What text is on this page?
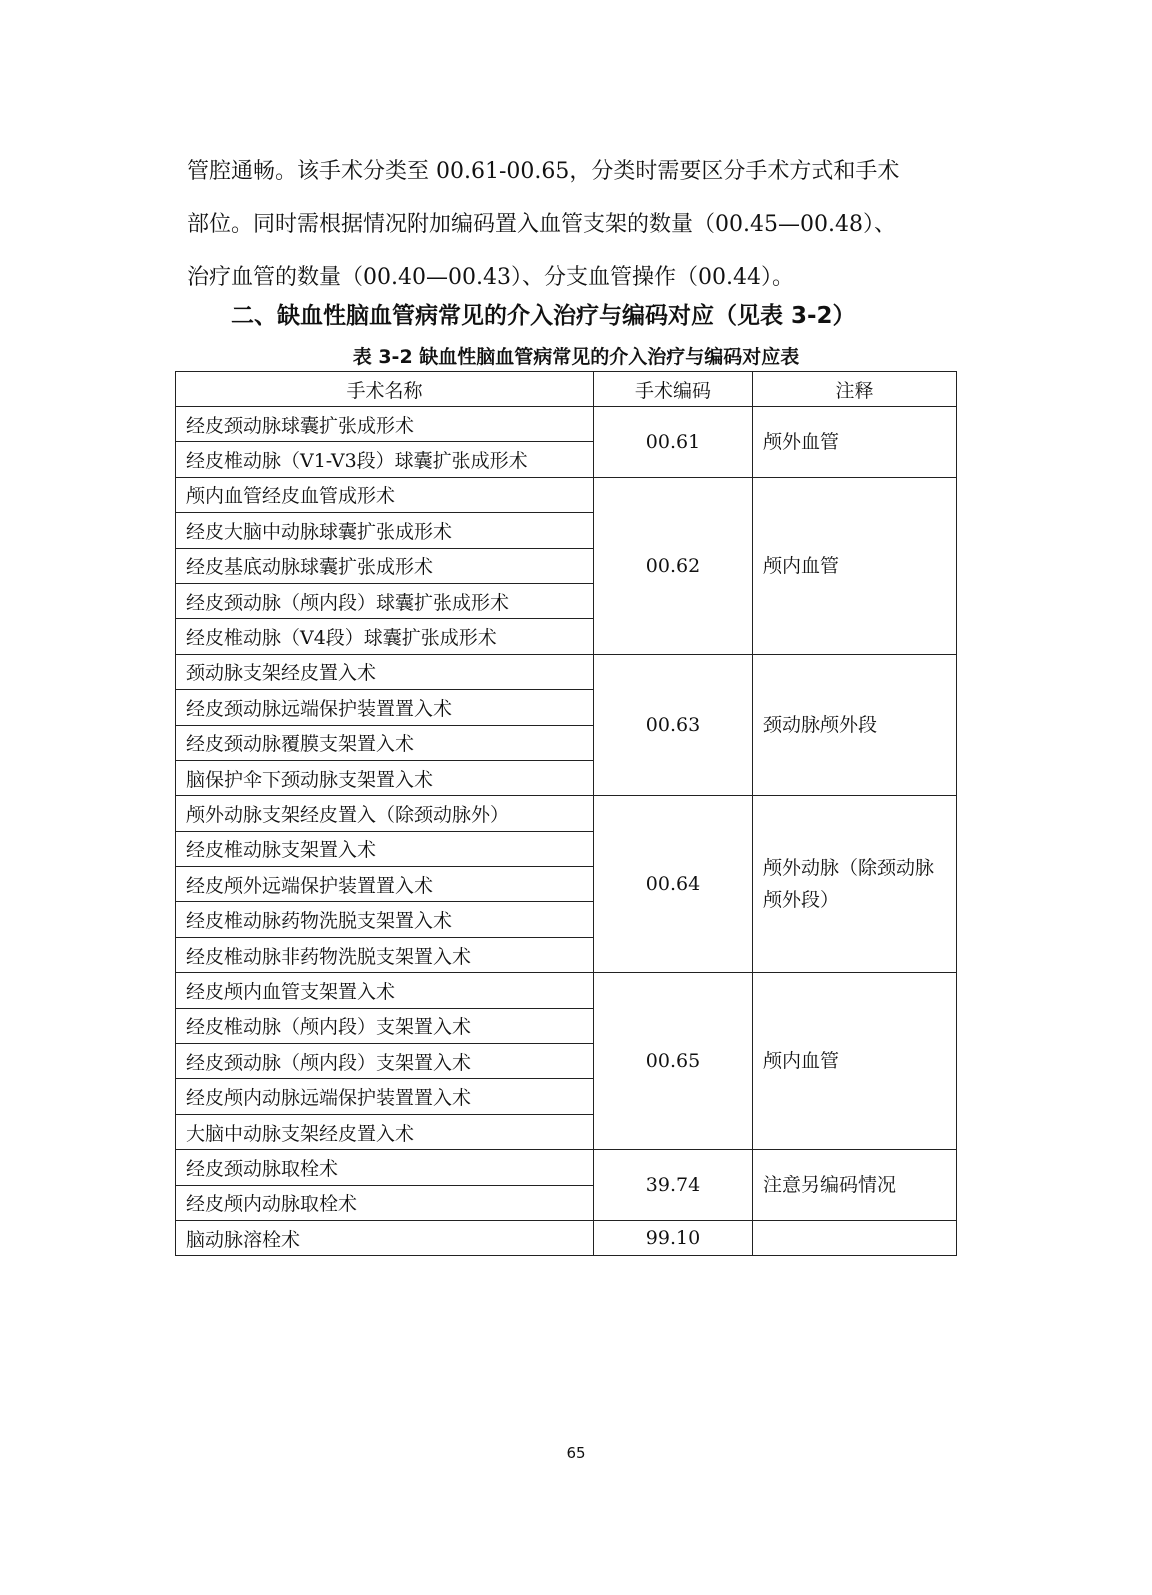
管腔通畅。该手术分类至 00.61-00.65，分类时需要区分手术方式和手术

部位。同时需根据情况附加编码置入血管支架的数量（00.45—00.48）、

治疗血管的数量（00.40—00.43）、分支血管操作（00.44）。

二、缺血性脑血管病常见的介入治疗与编码对应（见表 3-2）
表 3-2 缺血性脑血管病常见的介入治疗与编码对应表
手术名称	手术编码	注释
经皮颈动脉球囊扩张成形术	00.61	颅外血管
经皮椎动脉（V1-V3段）球囊扩张成形术		
颅内血管经皮血管成形术	00.62	颅内血管
经皮大脑中动脉球囊扩张成形术		
经皮基底动脉球囊扩张成形术		
经皮颈动脉（颅内段）球囊扩张成形术		
经皮椎动脉（V4段）球囊扩张成形术		
颈动脉支架经皮置入术	00.63	颈动脉颅外段
经皮颈动脉远端保护装置置入术		
经皮颈动脉覆膜支架置入术		
脑保护伞下颈动脉支架置入术		
颅外动脉支架经皮置入（除颈动脉外）	00.64	颅外动脉（除颈动脉颅外段）
经皮椎动脉支架置入术		
经皮颅外远端保护装置置入术		
经皮椎动脉药物洗脱支架置入术		
经皮椎动脉非药物洗脱支架置入术		
经皮颅内血管支架置入术	00.65	颅内血管
经皮椎动脉（颅内段）支架置入术		
经皮颈动脉（颅内段）支架置入术		
经皮颅内动脉远端保护装置置入术		
大脑中动脉支架经皮置入术		
经皮颈动脉取栓术	39.74	注意另编码情况
经皮颅内动脉取栓术		
脑动脉溶栓术	99.10	
65
